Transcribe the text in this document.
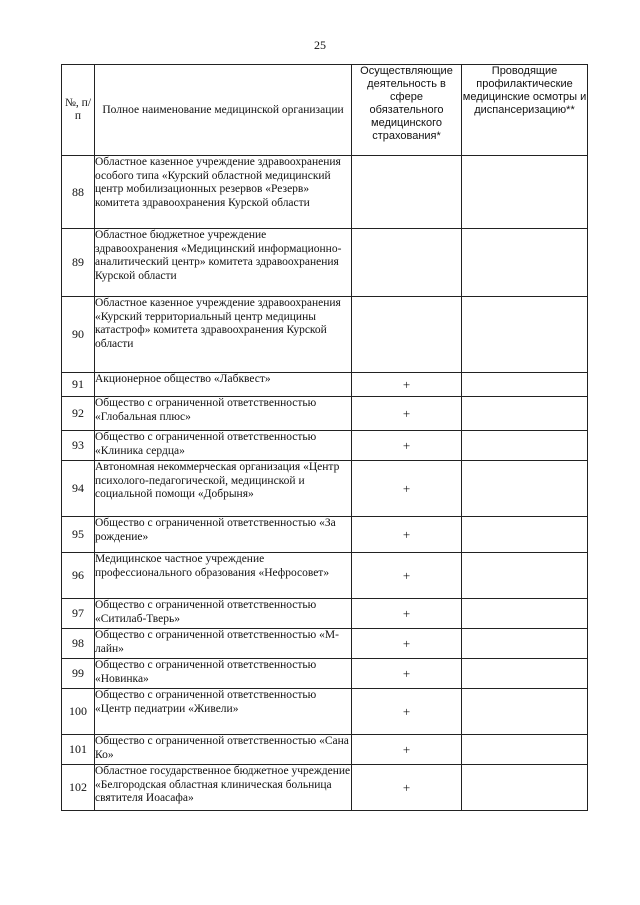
25
№, п/п	Полное наименование медицинской организации	Осуществляющие деятельность в сфере обязательного медицинского страхования*	Проводящие профилактические медицинские осмотры и диспансеризацию**
88	Областное казенное учреждение здравоохранения особого типа «Курский областной медицинский центр мобилизационных резервов «Резерв» комитета здравоохранения Курской области		
89	Областное бюджетное учреждение здравоохранения «Медицинский информационно-аналитический центр» комитета здравоохранения Курской области		
90	Областное казенное учреждение здравоохранения «Курский территориальный центр медицины катастроф» комитета здравоохранения Курской области		
91	Акционерное общество «Лабквест»	+	
92	Общество с ограниченной ответственностью «Глобальная плюс»	+	
93	Общество с ограниченной ответственностью «Клиника сердца»	+	
94	Автономная некоммерческая организация «Центр психолого-педагогической, медицинской и социальной помощи «Добрыня»	+	
95	Общество с ограниченной ответственностью «За рождение»	+	
96	Медицинское частное учреждение профессионального образования «Нефросовет»	+	
97	Общество с ограниченной ответственностью «Ситилаб-Тверь»	+	
98	Общество с ограниченной ответственностью «М-лайн»	+	
99	Общество с ограниченной ответственностью «Новинка»	+	
100	Общество с ограниченной ответственностью «Центр педиатрии «Живели»	+	
101	Общество с ограниченной ответственностью «Сана Ко»	+	
102	Областное государственное бюджетное учреждение «Белгородская областная клиническая больница святителя Иоасафа»	+	
